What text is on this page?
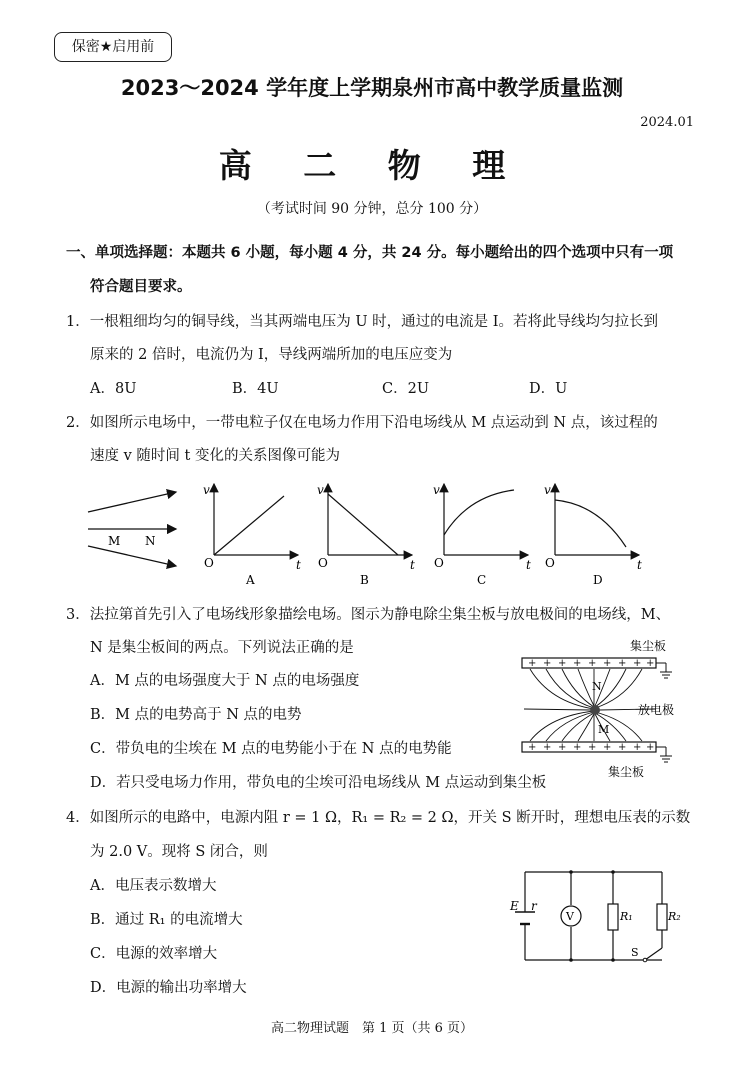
保密★启用前
2023～2024 学年度上学期泉州市高中教学质量监测
2024.01
高 二 物 理
（考试时间 90 分钟，总分 100 分）
一、单项选择题：本题共 6 小题，每小题 4 分，共 24 分。每小题给出的四个选项中只有一项
符合题目要求。
1．一根粗细均匀的铜导线，当其两端电压为 U 时，通过的电流是 I。若将此导线均匀拉长到
原来的 2 倍时，电流仍为 I，导线两端所加的电压应变为
A．8U	B．4U	C．2U	D．U
2．如图所示电场中，一带电粒子仅在电场力作用下沿电场线从 M 点运动到 N 点，该过程的
速度 v 随时间 t 变化的关系图像可能为
M N
v
O	t
A
v
O	t
B
v
O	t
C
v
O	t
D
3．法拉第首先引入了电场线形象描绘电场。图示为静电除尘集尘板与放电极间的电场线，M、
N 是集尘板间的两点。下列说法正确的是
A．M 点的电场强度大于 N 点的电场强度
B．M 点的电势高于 N 点的电势
C．带负电的尘埃在 M 点的电势能小于在 N 点的电势能
D．若只受电场力作用，带负电的尘埃可沿电场线从 M 点运动到集尘板
+ + + + + + + + +
+ + + + + + + + +
N
M
集尘板
放电极
集尘板
4．如图所示的电路中，电源内阻 r = 1 Ω，R₁ = R₂ = 2 Ω，开关 S 断开时，理想电压表的示数
为 2.0 V。现将 S 闭合，则
A．电压表示数增大
B．通过 R₁ 的电流增大
C．电源的效率增大
D．电源的输出功率增大
E r
V	R₁	R₂
S
高二物理试题　第 1 页（共 6 页）
